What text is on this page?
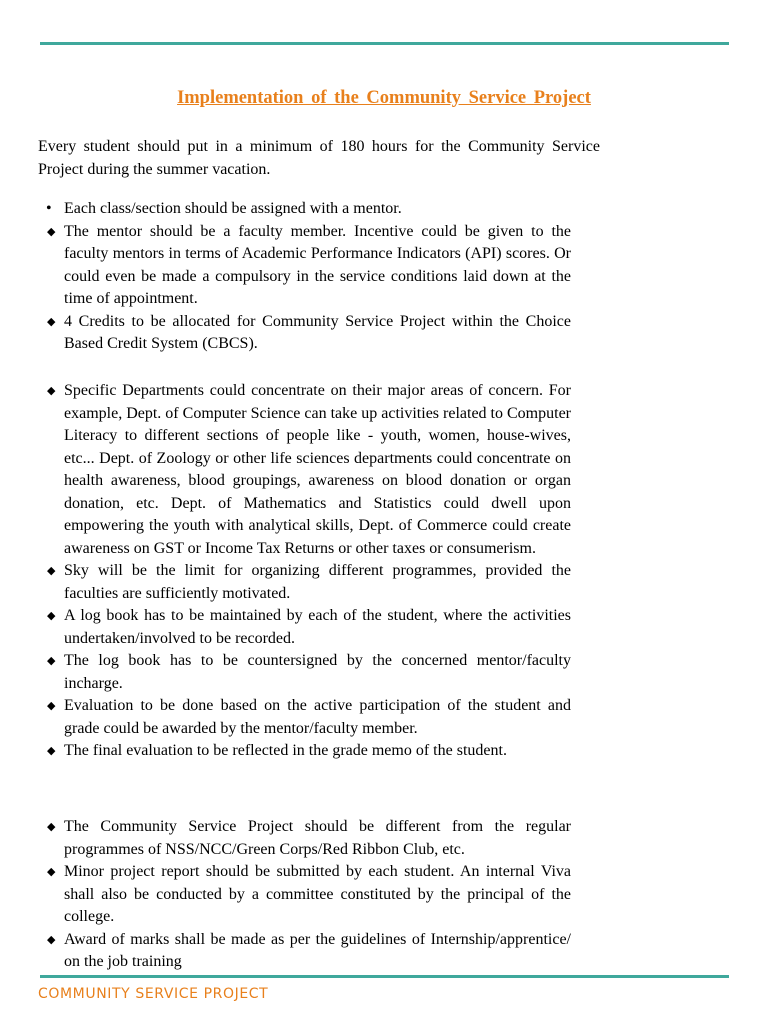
Implementation of the Community Service Project
Every student should put in a minimum of 180 hours for the Community Service Project during the summer vacation.
• Each class/section should be assigned with a mentor.
◆ The mentor should be a faculty member. Incentive could be given to the faculty mentors in terms of Academic Performance Indicators (API) scores. Or could even be made a compulsory in the service conditions laid down at the time of appointment.
◆ 4 Credits to be allocated for Community Service Project within the Choice Based Credit System (CBCS).
◆ Specific Departments could concentrate on their major areas of concern. For example, Dept. of Computer Science can take up activities related to Computer Literacy to different sections of people like - youth, women, house-wives, etc... Dept. of Zoology or other life sciences departments could concentrate on health awareness, blood groupings, awareness on blood donation or organ donation, etc. Dept. of Mathematics and Statistics could dwell upon empowering the youth with analytical skills, Dept. of Commerce could create awareness on GST or Income Tax Returns or other taxes or consumerism.
◆ Sky will be the limit for organizing different programmes, provided the faculties are sufficiently motivated.
◆ A log book has to be maintained by each of the student, where the activities undertaken/involved to be recorded.
◆ The log book has to be countersigned by the concerned mentor/faculty incharge.
◆ Evaluation to be done based on the active participation of the student and grade could be awarded by the mentor/faculty member.
◆ The final evaluation to be reflected in the grade memo of the student.
◆ The Community Service Project should be different from the regular programmes of NSS/NCC/Green Corps/Red Ribbon Club, etc.
◆ Minor project report should be submitted by each student. An internal Viva shall also be conducted by a committee constituted by the principal of the college.
◆ Award of marks shall be made as per the guidelines of Internship/apprentice/ on the job training
COMMUNITY SERVICE PROJECT
